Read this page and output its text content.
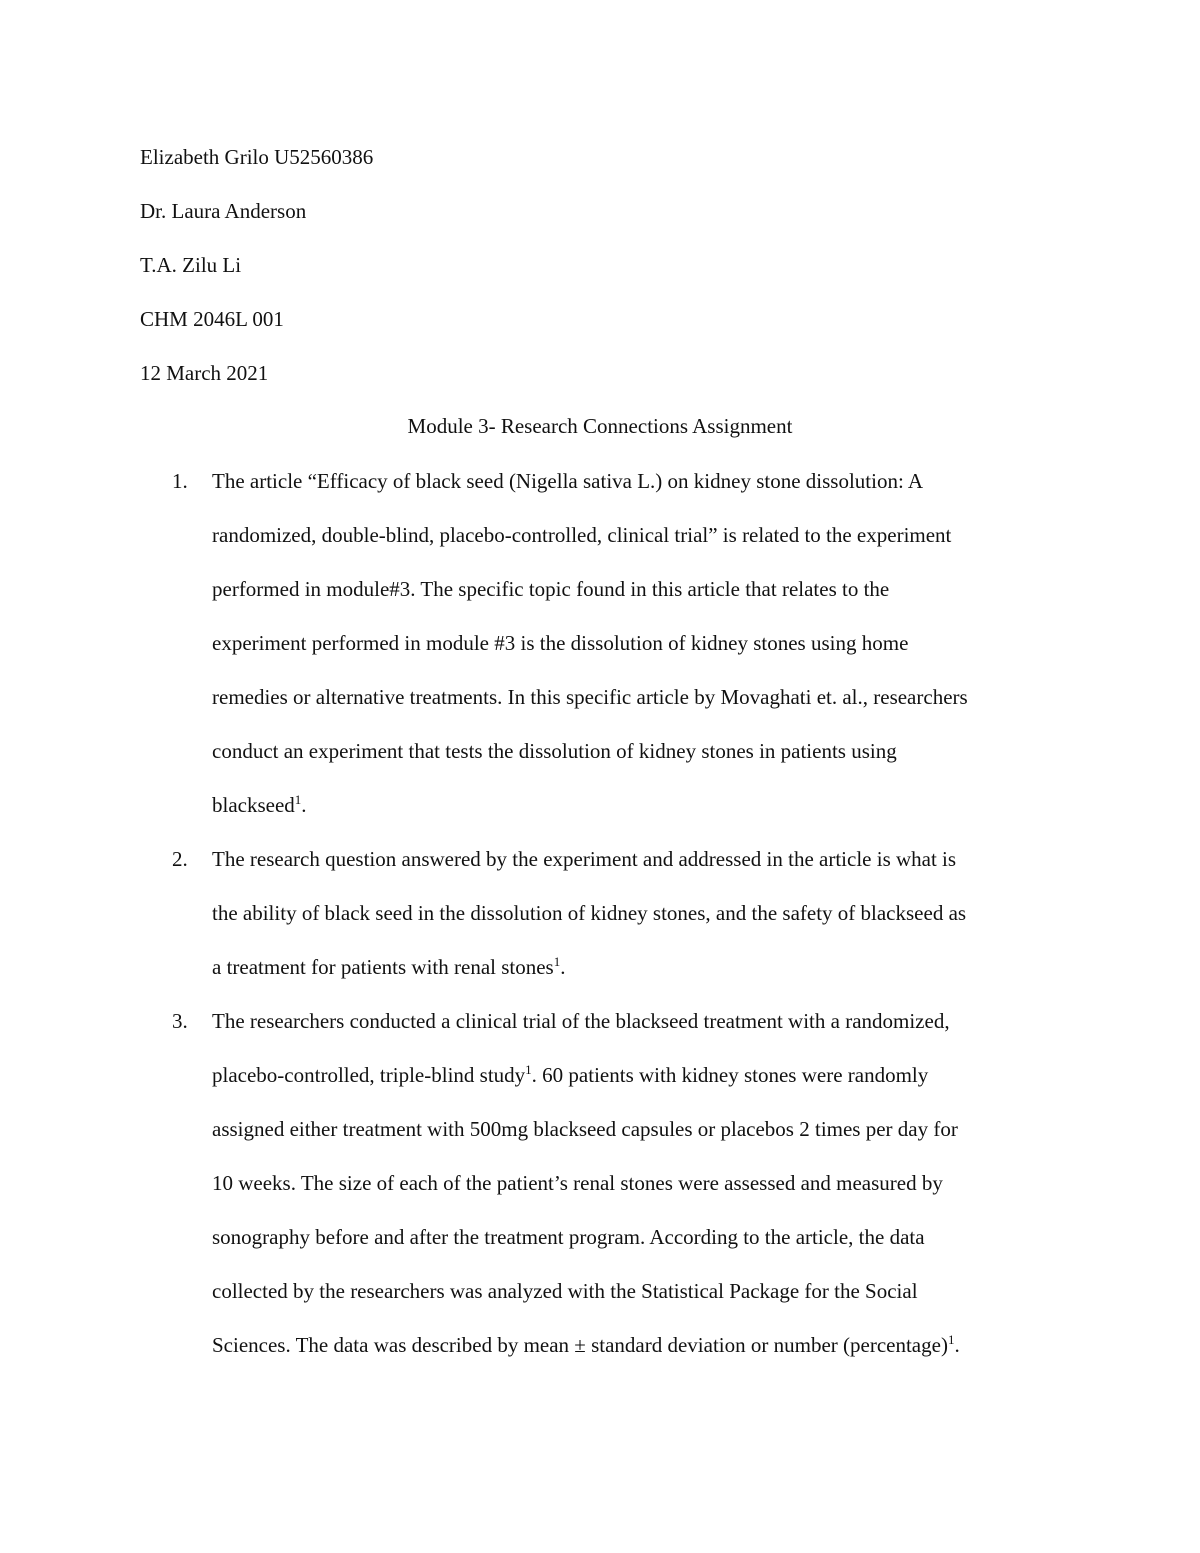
Elizabeth Grilo U52560386
Dr. Laura Anderson
T.A. Zilu Li
CHM 2046L 001
12 March 2021
Module 3- Research Connections Assignment
1. The article “Efficacy of black seed (Nigella sativa L.) on kidney stone dissolution: A
randomized, double-blind, placebo-controlled, clinical trial” is related to the experiment
performed in module#3. The specific topic found in this article that relates to the
experiment performed in module #3 is the dissolution of kidney stones using home
remedies or alternative treatments. In this specific article by Movaghati et. al., researchers
conduct an experiment that tests the dissolution of kidney stones in patients using
blackseed$^1$.
2. The research question answered by the experiment and addressed in the article is what is
the ability of black seed in the dissolution of kidney stones, and the safety of blackseed as
a treatment for patients with renal stones$^1$.
3. The researchers conducted a clinical trial of the blackseed treatment with a randomized,
placebo-controlled, triple-blind study$^1$. 60 patients with kidney stones were randomly
assigned either treatment with 500mg blackseed capsules or placebos 2 times per day for
10 weeks. The size of each of the patient’s renal stones were assessed and measured by
sonography before and after the treatment program. According to the article, the data
collected by the researchers was analyzed with the Statistical Package for the Social
Sciences. The data was described by mean ± standard deviation or number (percentage)$^1$.
